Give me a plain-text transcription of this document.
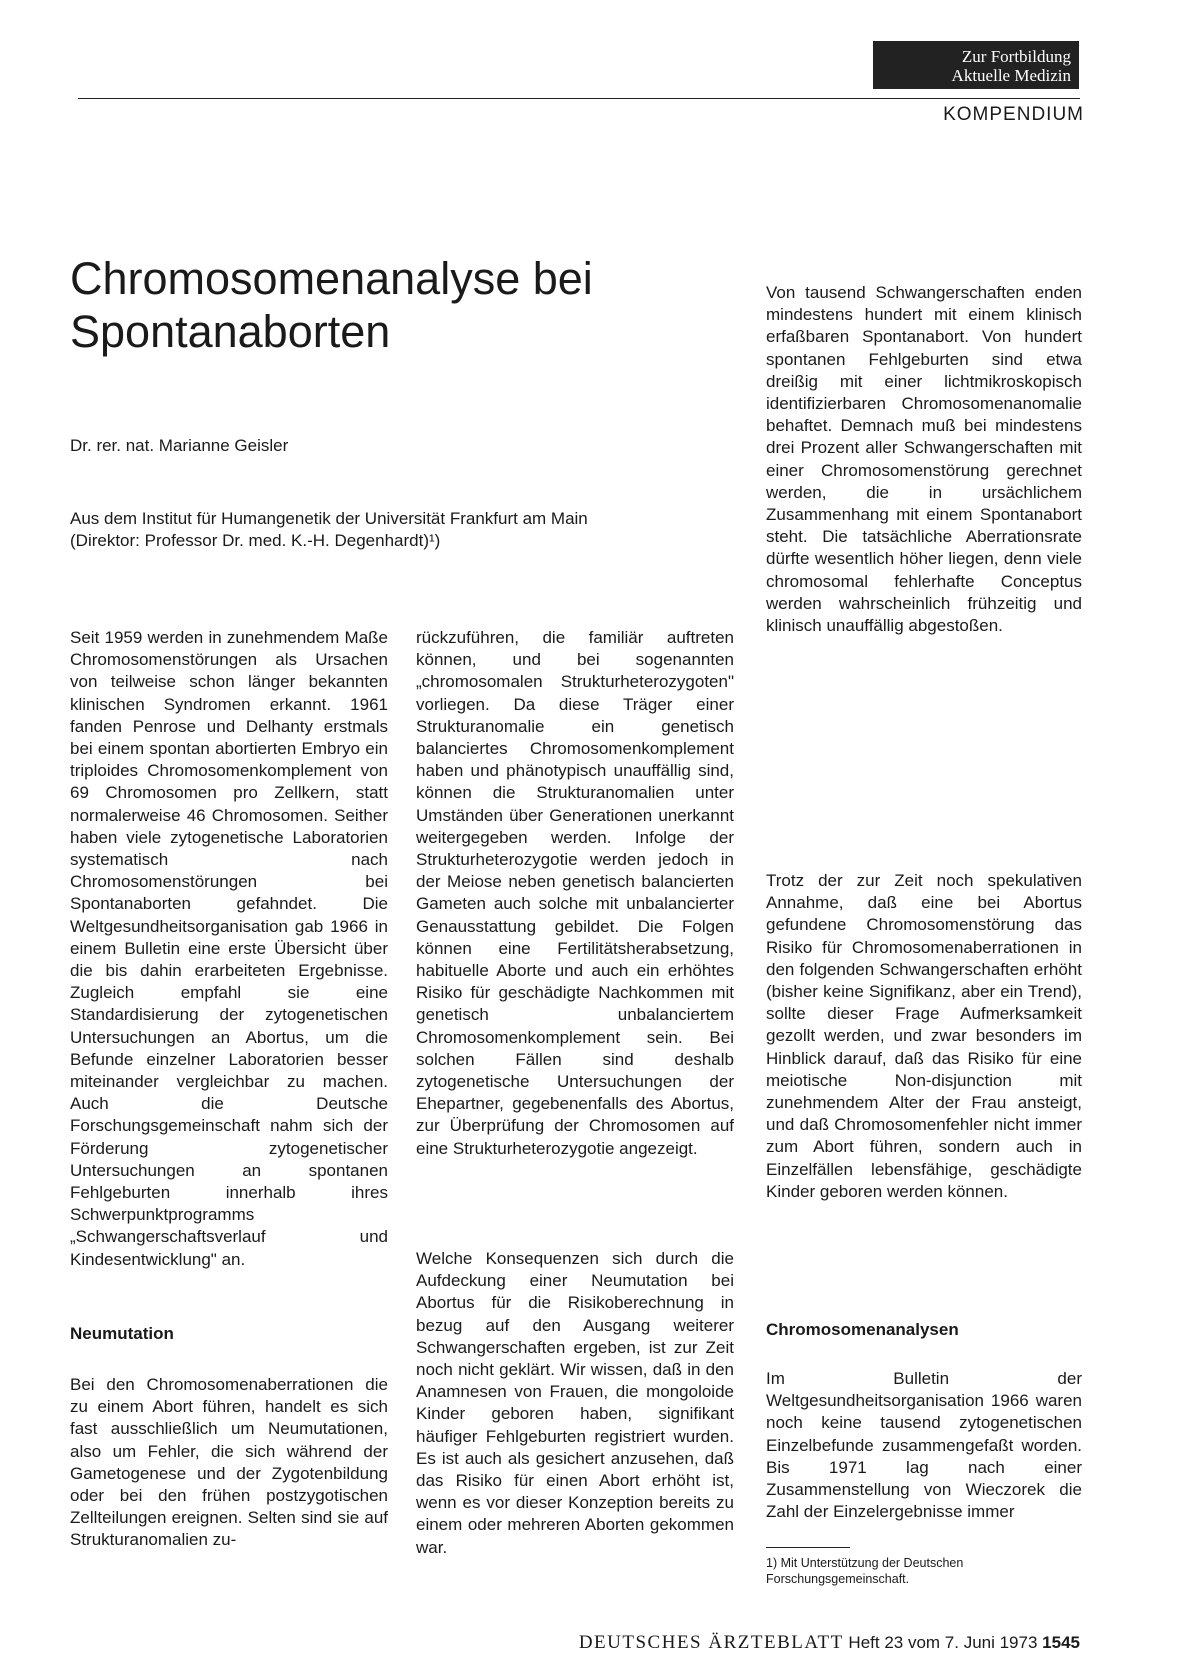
Zur Fortbildung
Aktuelle Medizin
KOMPENDIUM
Chromosomenanalyse bei Spontanaborten
Dr. rer. nat. Marianne Geisler
Aus dem Institut für Humangenetik der Universität Frankfurt am Main
(Direktor: Professor Dr. med. K.-H. Degenhardt)¹)

Seit 1959 werden in zunehmendem Maße Chromosomenstörungen als Ursachen von teilweise schon länger bekannten klinischen Syndromen erkannt. 1961 fanden Penrose und Delhanty erstmals bei einem spontan abortierten Embryo ein triploides Chromosomenkomplement von 69 Chromosomen pro Zellkern, statt normalerweise 46 Chromosomen. Seither haben viele zytogenetische Laboratorien systematisch nach Chromosomenstörungen bei Spontanaborten gefahndet. Die Weltgesundheitsorganisation gab 1966 in einem Bulletin eine erste Übersicht über die bis dahin erarbeiteten Ergebnisse. Zugleich empfahl sie eine Standardisierung der zytogenetischen Untersuchungen an Abortus, um die Befunde einzelner Laboratorien besser miteinander vergleichbar zu machen. Auch die Deutsche Forschungsgemeinschaft nahm sich der Förderung zytogenetischer Untersuchungen an spontanen Fehlgeburten innerhalb ihres Schwerpunktprogramms „Schwangerschaftsverlauf und Kindesentwicklung" an.

Neumutation

Bei den Chromosomenaberrationen die zu einem Abort führen, handelt es sich fast ausschließlich um Neumutationen, also um Fehler, die sich während der Gametogenese und der Zygotenbildung oder bei den frühen postzygotischen Zellteilungen ereignen. Selten sind sie auf Strukturanomalien zu-

rückzuführen, die familiär auftreten können, und bei sogenannten „chromosomalen Strukturheterozygoten" vorliegen. Da diese Träger einer Strukturanomalie ein genetisch balanciertes Chromosomenkomplement haben und phänotypisch unauffällig sind, können die Strukturanomalien unter Umständen über Generationen unerkannt weitergegeben werden. Infolge der Strukturheterozygotie werden jedoch in der Meiose neben genetisch balancierten Gameten auch solche mit unbalancierter Genausstattung gebildet. Die Folgen können eine Fertilitätsherabsetzung, habituelle Aborte und auch ein erhöhtes Risiko für geschädigte Nachkommen mit genetisch unbalanciertem Chromosomenkomplement sein. Bei solchen Fällen sind deshalb zytogenetische Untersuchungen der Ehepartner, gegebenenfalls des Abortus, zur Überprüfung der Chromosomen auf eine Strukturheterozygotie angezeigt.

Welche Konsequenzen sich durch die Aufdeckung einer Neumutation bei Abortus für die Risikoberechnung in bezug auf den Ausgang weiterer Schwangerschaften ergeben, ist zur Zeit noch nicht geklärt. Wir wissen, daß in den Anamnesen von Frauen, die mongoloide Kinder geboren haben, signifikant häufiger Fehlgeburten registriert wurden. Es ist auch als gesichert anzusehen, daß das Risiko für einen Abort erhöht ist, wenn es vor dieser Konzeption bereits zu einem oder mehreren Aborten gekommen war.

Von tausend Schwangerschaften enden mindestens hundert mit einem klinisch erfaßbaren Spontanabort. Von hundert spontanen Fehlgeburten sind etwa dreißig mit einer lichtmikroskopisch identifizierbaren Chromosomenanomalie behaftet. Demnach muß bei mindestens drei Prozent aller Schwangerschaften mit einer Chromosomenstörung gerechnet werden, die in ursächlichem Zusammenhang mit einem Spontanabort steht. Die tatsächliche Aberrationsrate dürfte wesentlich höher liegen, denn viele chromosomal fehlerhafte Conceptus werden wahrscheinlich frühzeitig und klinisch unauffällig abgestoßen.

Trotz der zur Zeit noch spekulativen Annahme, daß eine bei Abortus gefundene Chromosomenstörung das Risiko für Chromosomenaberrationen in den folgenden Schwangerschaften erhöht (bisher keine Signifikanz, aber ein Trend), sollte dieser Frage Aufmerksamkeit gezollt werden, und zwar besonders im Hinblick darauf, daß das Risiko für eine meiotische Non-disjunction mit zunehmendem Alter der Frau ansteigt, und daß Chromosomenfehler nicht immer zum Abort führen, sondern auch in Einzelfällen lebensfähige, geschädigte Kinder geboren werden können.

Chromosomenanalysen

Im Bulletin der Weltgesundheitsorganisation 1966 waren noch keine tausend zytogenetischen Einzelbefunde zusammengefaßt worden. Bis 1971 lag nach einer Zusammenstellung von Wieczorek die Zahl der Einzelergebnisse immer

1) Mit Unterstützung der Deutschen Forschungsgemeinschaft.
DEUTSCHES ÄRZTEBLATT Heft 23 vom 7. Juni 1973 1545
